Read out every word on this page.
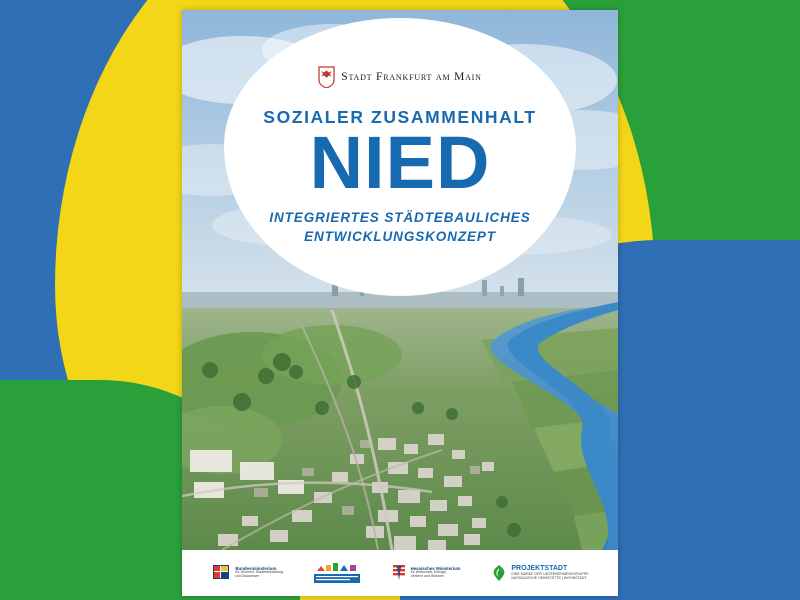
Stadt Frankfurt am Main
SOZIALER ZUSAMMENHALT
NIED
INTEGRIERTES STÄDTEBAULICHES
ENTWICKLUNGSKONZEPT
Bundesministerium
für Wohnen, Stadtentwicklung
und Bauwesen
Hessisches Ministerium
für Wirtschaft, Energie,
Verkehr und Wohnen
PROJEKTSTADT
EINE MARKE DER UNTERNEHMENSGRUPPE
NASSAUISCHE HEIMSTÄTTE | WOHNSTADT
